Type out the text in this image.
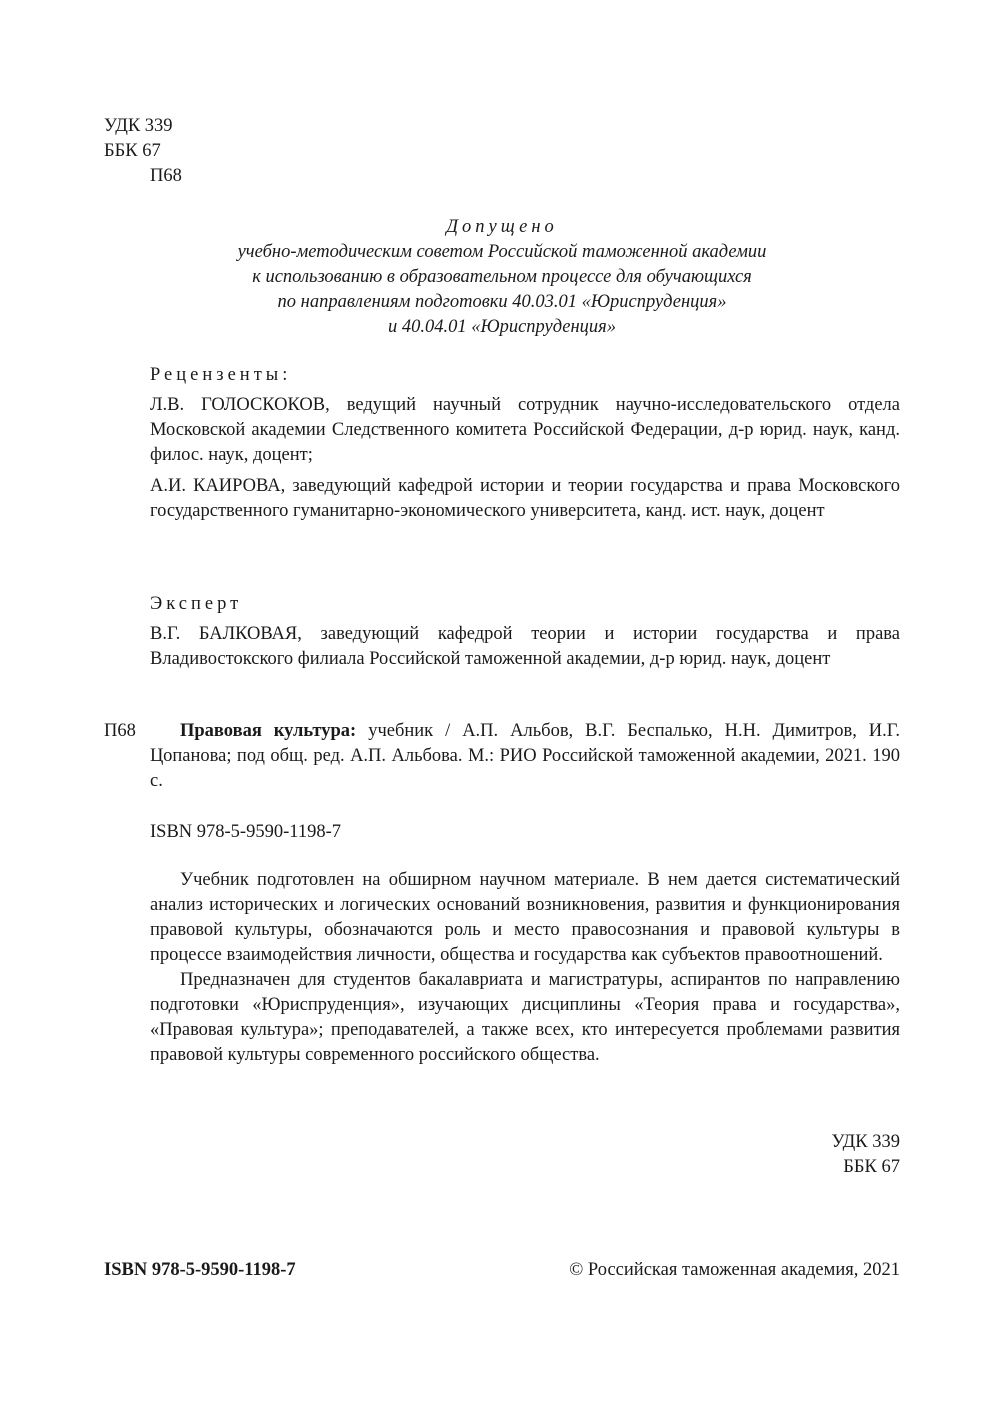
УДК 339
ББК 67
П68
Допущено
учебно-методическим советом Российской таможенной академии
к использованию в образовательном процессе для обучающихся
по направлениям подготовки 40.03.01 «Юриспруденция»
и 40.04.01 «Юриспруденция»
Рецензенты:

Л.В. ГОЛОСКОКОВ, ведущий научный сотрудник научно-исследовательского отдела Московской академии Следственного комитета Российской Федерации, д-р юрид. наук, канд. филос. наук, доцент;

А.И. КАИРОВА, заведующий кафедрой истории и теории государства и права Московского государственного гуманитарно-экономического университета, канд. ист. наук, доцент

Эксперт

В.Г. БАЛКОВАЯ, заведующий кафедрой теории и истории государства и права Владивостокского филиала Российской таможенной академии, д-р юрид. наук, доцент

П68	Правовая культура: учебник / А.П. Альбов, В.Г. Беспалько, Н.Н. Димитров, И.Г. Цопанова; под общ. ред. А.П. Альбова. М.: РИО Российской таможенной академии, 2021. 190 с.

ISBN 978-5-9590-1198-7

Учебник подготовлен на обширном научном материале. В нем дается систематический анализ исторических и логических оснований возникновения, развития и функционирования правовой культуры, обозначаются роль и место правосознания и правовой культуры в процессе взаимодействия личности, общества и государства как субъектов правоотношений.

Предназначен для студентов бакалавриата и магистратуры, аспирантов по направлению подготовки «Юриспруденция», изучающих дисциплины «Теория права и государства», «Правовая культура»; преподавателей, а также всех, кто интересуется проблемами развития правовой культуры современного российского общества.

УДК 339
ББК 67
ISBN 978-5-9590-1198-7	© Российская таможенная академия, 2021
